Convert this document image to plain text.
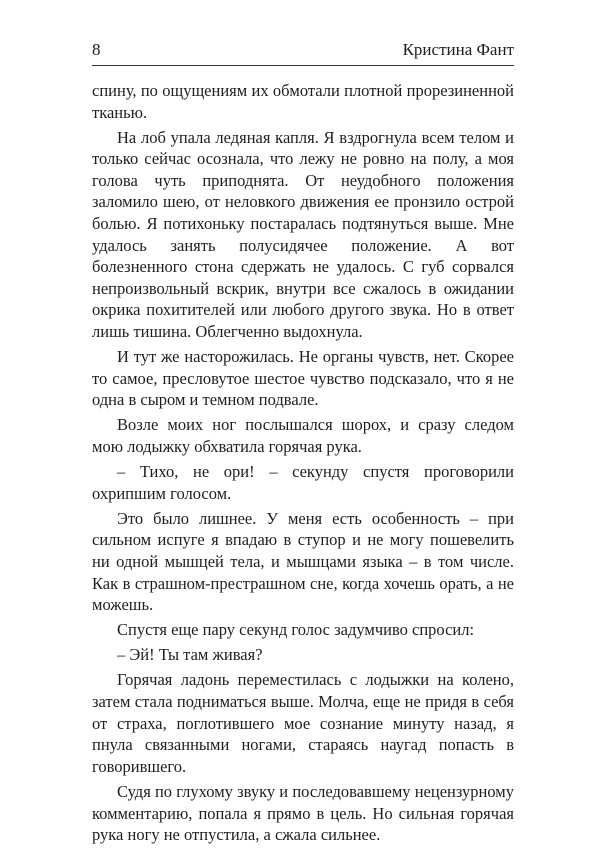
8	Кристина Фант

спину, по ощущениям их обмотали плотной прорезиненной тканью.

На лоб упала ледяная капля. Я вздрогнула всем телом и только сейчас осознала, что лежу не ровно на полу, а моя голова чуть приподнята. От неудобного положения заломило шею, от неловкого движения ее пронзило острой болью. Я потихоньку постаралась подтянуться выше. Мне удалось занять полусидячее положение. А вот болезненного стона сдержать не удалось. С губ сорвался непроизвольный вскрик, внутри все сжалось в ожидании окрика похитителей или любого другого звука. Но в ответ лишь тишина. Облегченно выдохнула.

И тут же насторожилась. Не органы чувств, нет. Скорее то самое, пресловутое шестое чувство подсказало, что я не одна в сыром и темном подвале.

Возле моих ног послышался шорох, и сразу следом мою лодыжку обхватила горячая рука.

– Тихо, не ори! – секунду спустя проговорили охрипшим голосом.

Это было лишнее. У меня есть особенность – при сильном испуге я впадаю в ступор и не могу пошевелить ни одной мышцей тела, и мышцами языка – в том числе. Как в страшном-престрашном сне, когда хочешь орать, а не можешь.

Спустя еще пару секунд голос задумчиво спросил:

– Эй! Ты там живая?

Горячая ладонь переместилась с лодыжки на колено, затем стала подниматься выше. Молча, еще не придя в себя от страха, поглотившего мое сознание минуту назад, я пнула связанными ногами, стараясь наугад попасть в говорившего.

Судя по глухому звуку и последовавшему нецензурному комментарию, попала я прямо в цель. Но сильная горячая рука ногу не отпустила, а сжала сильнее.
